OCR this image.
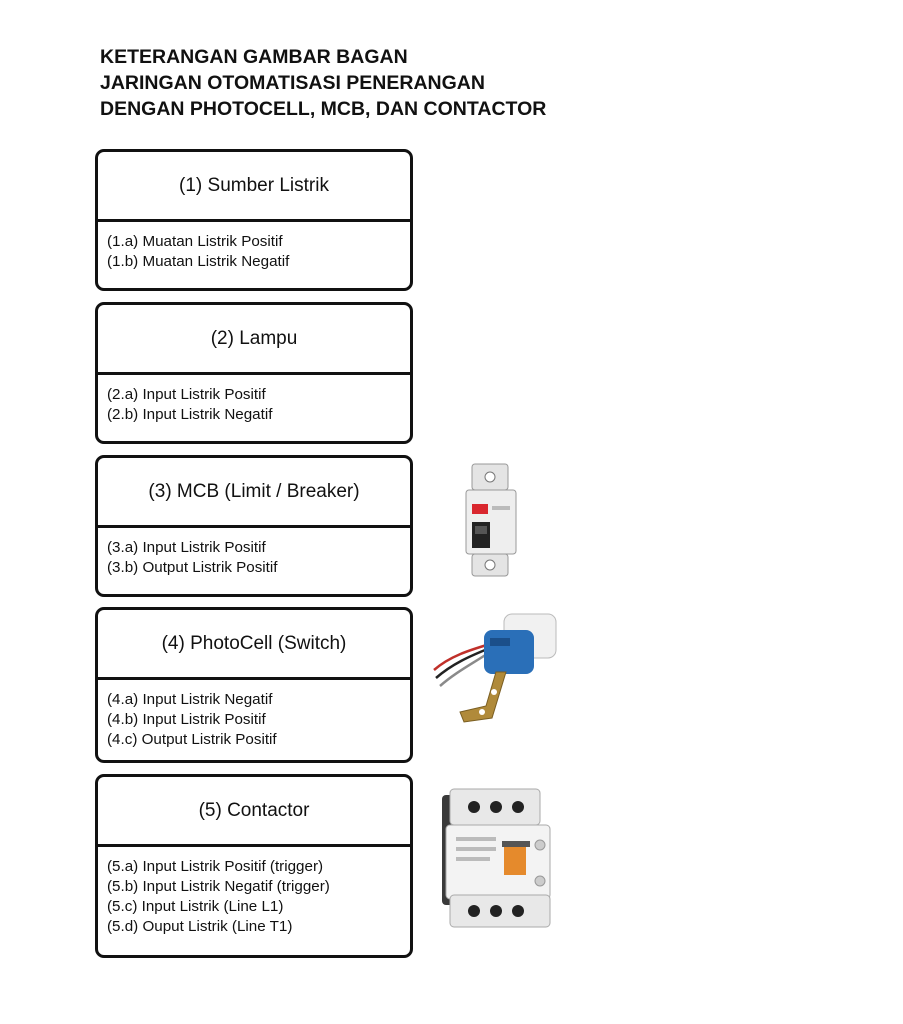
KETERANGAN GAMBAR BAGAN
JARINGAN OTOMATISASI PENERANGAN
DENGAN PHOTOCELL, MCB, DAN CONTACTOR
(1) Sumber Listrik
(1.a) Muatan Listrik Positif
(1.b) Muatan Listrik Negatif
(2) Lampu
(2.a) Input Listrik Positif
(2.b) Input Listrik Negatif
(3) MCB (Limit / Breaker)
(3.a) Input Listrik Positif
(3.b) Output Listrik Positif
(4) PhotoCell (Switch)
(4.a) Input Listrik Negatif
(4.b) Input Listrik Positif
(4.c) Output Listrik Positif
(5) Contactor
(5.a) Input Listrik Positif (trigger)
(5.b) Input Listrik Negatif (trigger)
(5.c) Input Listrik (Line L1)
(5.d) Ouput Listrik (Line T1)
